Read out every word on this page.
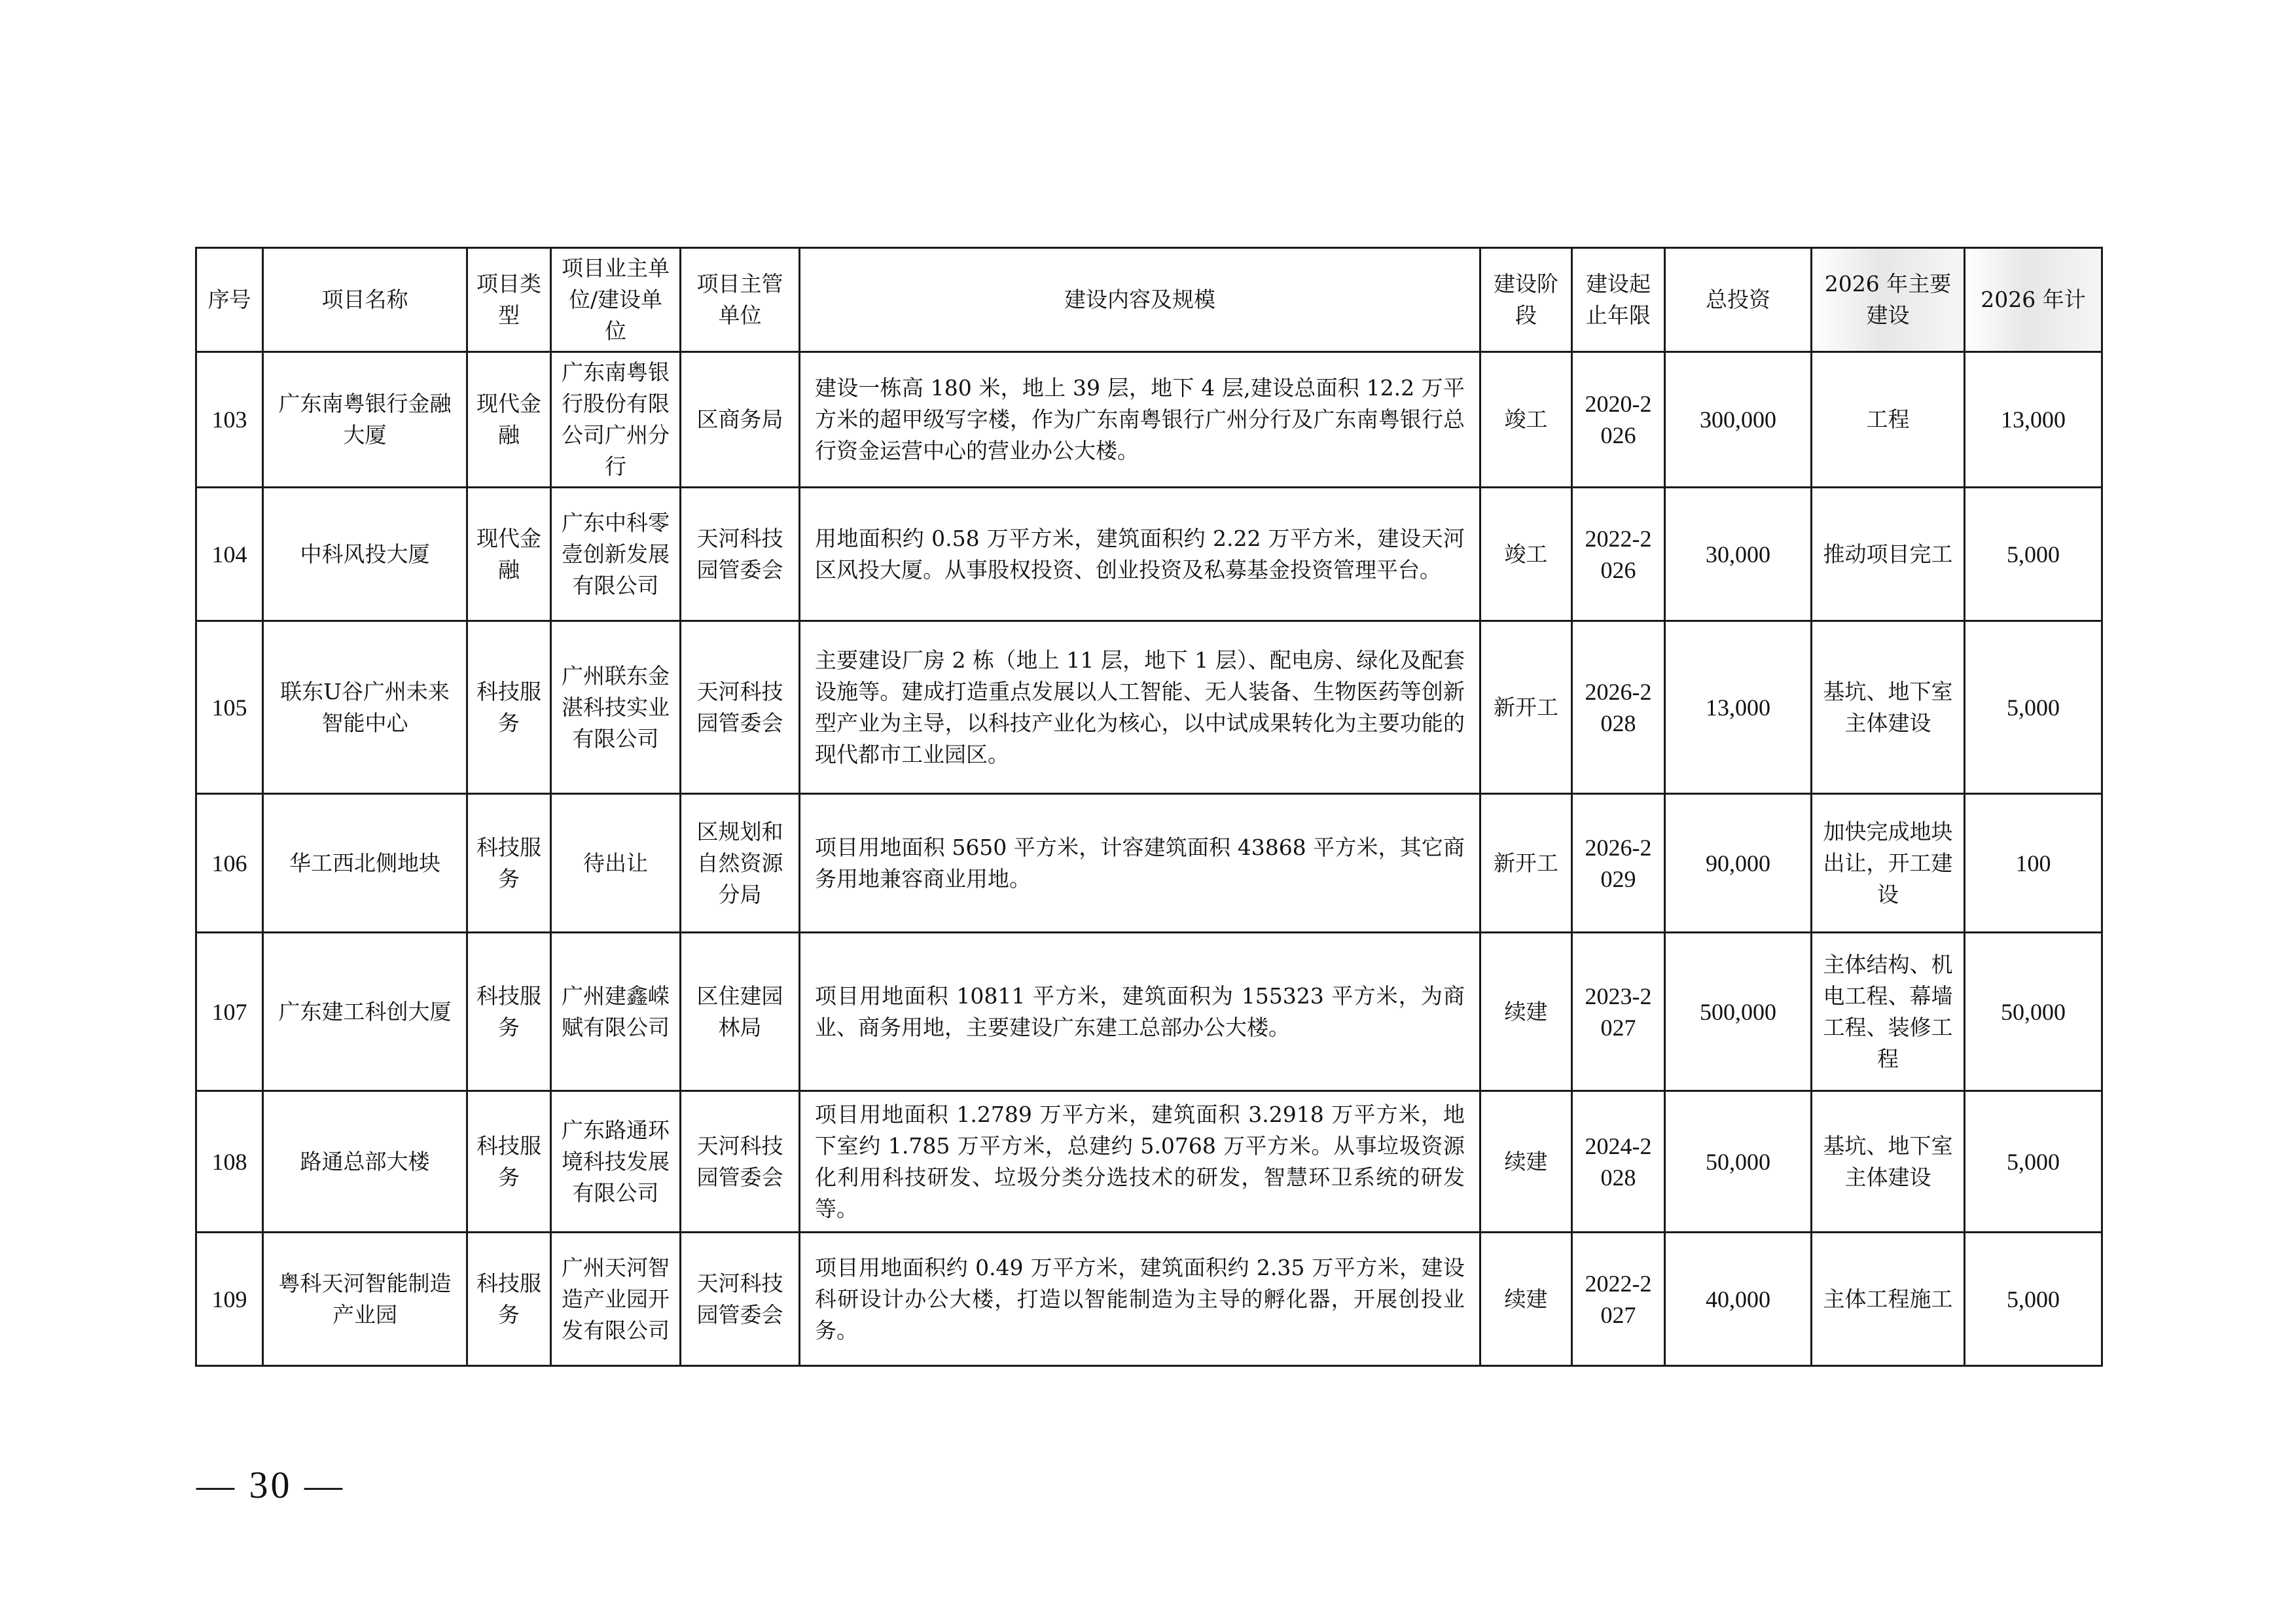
序号	项目名称	项目类型	项目业主单位/建设单位	项目主管单位	建设内容及规模	建设阶段	建设起止年限	总投资	2026 年主要建设	2026 年计
103	广东南粤银行金融大厦	现代金融	广东南粤银行股份有限公司广州分行	区商务局	建设一栋高 180 米，地上 39 层，地下 4 层,建设总面积 12.2 万平方米的超甲级写字楼，作为广东南粤银行广州分行及广东南粤银行总行资金运营中心的营业办公大楼。	竣工	2020-2026	300,000	工程	13,000
104	中科风投大厦	现代金融	广东中科零壹创新发展有限公司	天河科技园管委会	用地面积约 0.58 万平方米，建筑面积约 2.22 万平方米，建设天河区风投大厦。从事股权投资、创业投资及私募基金投资管理平台。	竣工	2022-2026	30,000	推动项目完工	5,000
105	联东U谷广州未来智能中心	科技服务	广州联东金湛科技实业有限公司	天河科技园管委会	主要建设厂房 2 栋（地上 11 层，地下 1 层）、配电房、绿化及配套设施等。建成打造重点发展以人工智能、无人装备、生物医药等创新型产业为主导，以科技产业化为核心，以中试成果转化为主要功能的现代都市工业园区。	新开工	2026-2028	13,000	基坑、地下室主体建设	5,000
106	华工西北侧地块	科技服务	待出让	区规划和自然资源分局	项目用地面积 5650 平方米，计容建筑面积 43868 平方米，其它商务用地兼容商业用地。	新开工	2026-2029	90,000	加快完成地块出让，开工建设	100
107	广东建工科创大厦	科技服务	广州建鑫嵘赋有限公司	区住建园林局	项目用地面积 10811 平方米，建筑面积为 155323 平方米，为商业、商务用地，主要建设广东建工总部办公大楼。	续建	2023-2027	500,000	主体结构、机电工程、幕墙工程、装修工程	50,000
108	路通总部大楼	科技服务	广东路通环境科技发展有限公司	天河科技园管委会	项目用地面积 1.2789 万平方米，建筑面积 3.2918 万平方米，地下室约 1.785 万平方米，总建约 5.0768 万平方米。从事垃圾资源化利用科技研发、垃圾分类分选技术的研发，智慧环卫系统的研发等。	续建	2024-2028	50,000	基坑、地下室主体建设	5,000
109	粤科天河智能制造产业园	科技服务	广州天河智造产业园开发有限公司	天河科技园管委会	项目用地面积约 0.49 万平方米，建筑面积约 2.35 万平方米，建设科研设计办公大楼，打造以智能制造为主导的孵化器，开展创投业务。	续建	2022-2027	40,000	主体工程施工	5,000
— 30 —
